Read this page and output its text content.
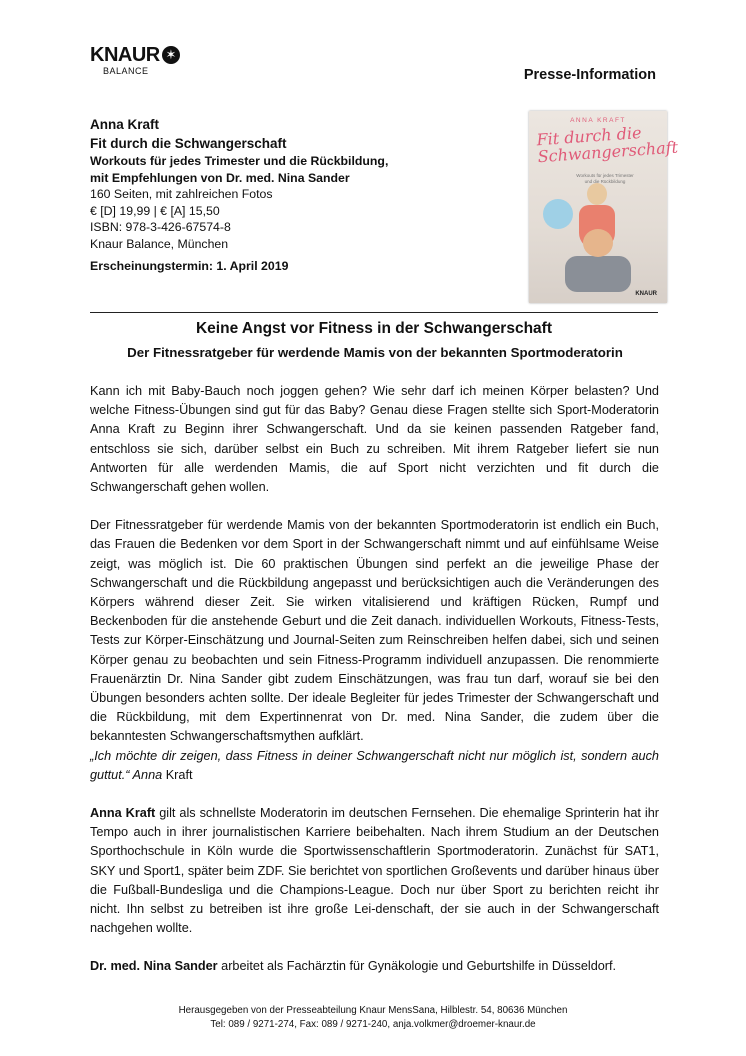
KNAUR ✶
BALANCE	Presse-Information
Anna Kraft
Fit durch die Schwangerschaft
Workouts für jedes Trimester und die Rückbildung,
mit Empfehlungen von Dr. med. Nina Sander
160 Seiten, mit zahlreichen Fotos
€ [D] 19,99 | € [A] 15,50
ISBN: 978-3-426-67574-8
Knaur Balance, München
Erscheinungstermin: 1. April 2019
ANNA KRAFT
Fit durch die Schwangerschaft
Workouts für jedes Trimester und die Rückbildung
KNAUR
Keine Angst vor Fitness in der Schwangerschaft
Der Fitnessratgeber für werdende Mamis von der bekannten Sportmoderatorin

Kann ich mit Baby-Bauch noch joggen gehen? Wie sehr darf ich meinen Körper belasten? Und welche Fitness-Übungen sind gut für das Baby? Genau diese Fragen stellte sich Sport-Moderatorin Anna Kraft zu Beginn ihrer Schwangerschaft. Und da sie keinen passenden Ratgeber fand, entschloss sie sich, darüber selbst ein Buch zu schreiben. Mit ihrem Ratgeber liefert sie nun Antworten für alle werdenden Mamis, die auf Sport nicht verzichten und fit durch die Schwangerschaft gehen wollen.

Der Fitnessratgeber für werdende Mamis von der bekannten Sportmoderatorin ist endlich ein Buch, das Frauen die Bedenken vor dem Sport in der Schwangerschaft nimmt und auf einfühlsame Weise zeigt, was möglich ist. Die 60 praktischen Übungen sind perfekt an die jeweilige Phase der Schwangerschaft und die Rückbildung angepasst und berücksichtigen auch die Veränderungen des Körpers während dieser Zeit. Sie wirken vitalisierend und kräftigen Rücken, Rumpf und Beckenboden für die anstehende Geburt und die Zeit danach. individuellen Workouts, Fitness-Tests, Tests zur Körper-Einschätzung und Journal-Seiten zum Reinschreiben helfen dabei, sich und seinen Körper genau zu beobachten und sein Fitness-Programm individuell anzupassen. Die renommierte Frauenärztin Dr. Nina Sander gibt zudem Einschätzungen, was frau tun darf, worauf sie bei den Übungen besonders achten sollte. Der ideale Begleiter für jedes Trimester der Schwangerschaft und die Rückbildung, mit dem Expertinnenrat von Dr. med. Nina Sander, die zudem über die bekanntesten Schwangerschaftsmythen aufklärt.
„Ich möchte dir zeigen, dass Fitness in deiner Schwangerschaft nicht nur möglich ist, sondern auch guttut.“ Anna Kraft

Anna Kraft gilt als schnellste Moderatorin im deutschen Fernsehen. Die ehemalige Sprinterin hat ihr Tempo auch in ihrer journalistischen Karriere beibehalten. Nach ihrem Studium an der Deutschen Sporthochschule in Köln wurde die Sportwissenschaftlerin Sportmoderatorin. Zunächst für SAT1, SKY und Sport1, später beim ZDF. Sie berichtet von sportlichen Großevents und darüber hinaus über die Fußball-Bundesliga und die Champions-League. Doch nur über Sport zu berichten reicht ihr nicht. Ihn selbst zu betreiben ist ihre große Lei-denschaft, der sie auch in der Schwangerschaft nachgehen wollte.

Dr. med. Nina Sander arbeitet als Fachärztin für Gynäkologie und Geburtshilfe in Düsseldorf.

Herausgegeben von der Presseabteilung Knaur MensSana, Hilblestr. 54, 80636 München
Tel: 089 / 9271-274, Fax: 089 / 9271-240, anja.volkmer@droemer-knaur.de
